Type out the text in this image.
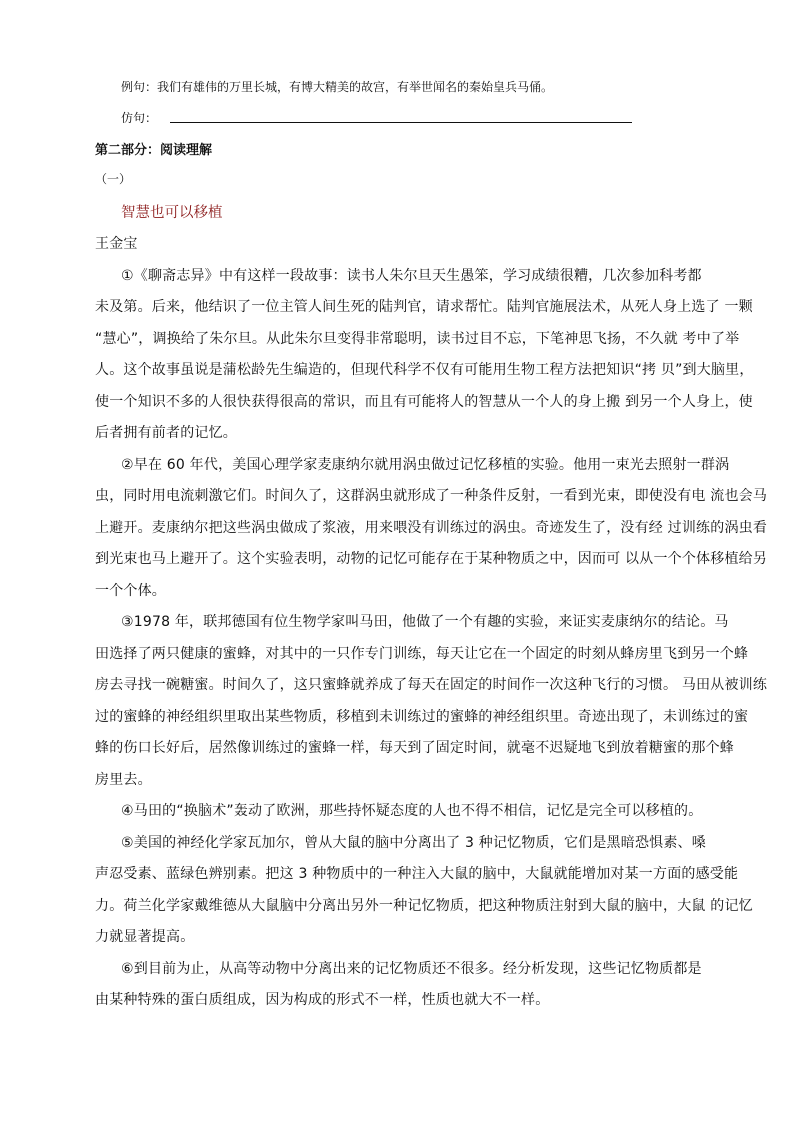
例句： 我们有雄伟的万里长城，有博大精美的故宫，有举世闻名的秦始皇兵马俑。
仿句：
第二部分：阅读理解
（一）
智慧也可以移植
王金宝
①《聊斋志异》中有这样一段故事：读书人朱尔旦天生愚笨，学习成绩很糟，几次参加科考都
未及第。后来，他结识了一位主管人间生死的陆判官，请求帮忙。陆判官施展法术，从死人身上选了 一颗
“慧心”，调换给了朱尔旦。从此朱尔旦变得非常聪明，读书过目不忘，下笔神思飞扬，不久就 考中了举
人。这个故事虽说是蒲松龄先生编造的，但现代科学不仅有可能用生物工程方法把知识“拷 贝”到大脑里，
使一个知识不多的人很快获得很高的常识，而且有可能将人的智慧从一个人的身上搬 到另一个人身上，使
后者拥有前者的记忆。
②早在 60 年代，美国心理学家麦康纳尔就用涡虫做过记忆移植的实验。他用一束光去照射一群涡
虫，同时用电流刺激它们。时间久了，这群涡虫就形成了一种条件反射，一看到光束，即使没有电 流也会马
上避开。麦康纳尔把这些涡虫做成了浆液，用来喂没有训练过的涡虫。奇迹发生了，没有经 过训练的涡虫看
到光束也马上避开了。这个实验表明，动物的记忆可能存在于某种物质之中，因而可 以从一个个体移植给另
一个个体。
③1978 年，联邦德国有位生物学家叫马田，他做了一个有趣的实验，来证实麦康纳尔的结论。马
田选择了两只健康的蜜蜂，对其中的一只作专门训练，每天让它在一个固定的时刻从蜂房里飞到另一个蜂
房去寻找一碗糖蜜。时间久了，这只蜜蜂就养成了每天在固定的时间作一次这种飞行的习惯。 马田从被训练
过的蜜蜂的神经组织里取出某些物质，移植到未训练过的蜜蜂的神经组织里。奇迹出现了，未训练过的蜜
蜂的伤口长好后，居然像训练过的蜜蜂一样，每天到了固定时间，就毫不迟疑地飞到放着糖蜜的那个蜂
房里去。
④马田的“换脑术”轰动了欧洲，那些持怀疑态度的人也不得不相信，记忆是完全可以移植的。
⑤美国的神经化学家瓦加尔，曾从大鼠的脑中分离出了 3 种记忆物质，它们是黑暗恐惧素、嗓
声忍受素、蓝绿色辨别素。把这 3 种物质中的一种注入大鼠的脑中，大鼠就能增加对某一方面的感受能
力。荷兰化学家戴维德从大鼠脑中分离出另外一种记忆物质，把这种物质注射到大鼠的脑中，大鼠 的记忆
力就显著提高。
⑥到目前为止，从高等动物中分离出来的记忆物质还不很多。经分析发现，这些记忆物质都是
由某种特殊的蛋白质组成，因为构成的形式不一样，性质也就大不一样。
